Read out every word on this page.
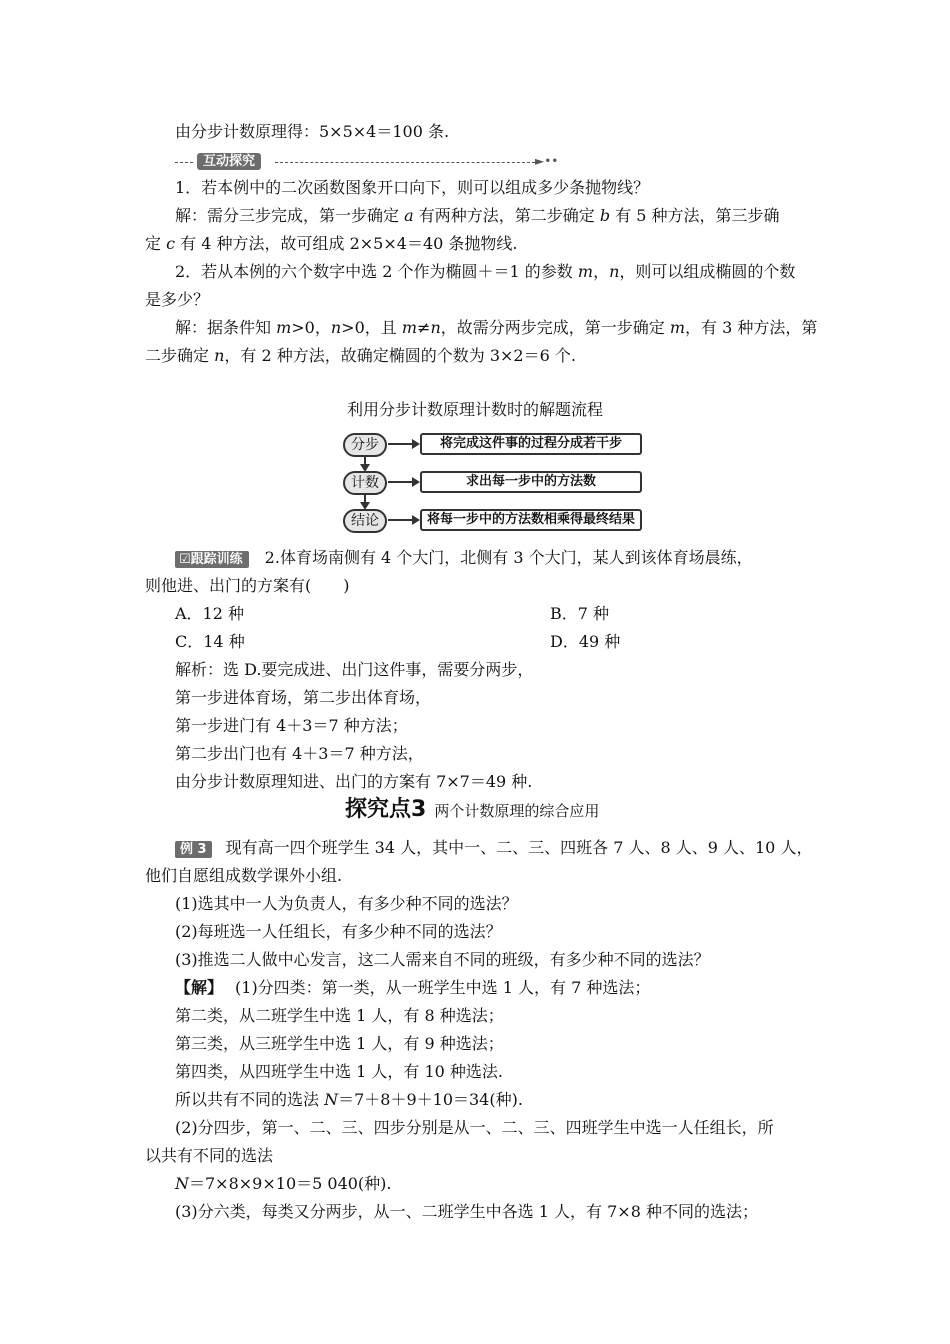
由分步计数原理得：5×5×4＝100 条.
互动探究	►••
1．若本例中的二次函数图象开口向下，则可以组成多少条抛物线？
解：需分三步完成，第一步确定 a 有两种方法，第二步确定 b 有 5 种方法，第三步确
定 c 有 4 种方法，故可组成 2×5×4＝40 条抛物线.
2．若从本例的六个数字中选 2 个作为椭圆＋＝1 的参数 m，n，则可以组成椭圆的个数
是多少？
解：据条件知 m>0，n>0，且 m≠n，故需分两步完成，第一步确定 m，有 3 种方法，第
二步确定 n，有 2 种方法，故确定椭圆的个数为 3×2＝6 个.
利用分步计数原理计数时的解题流程
分步	将完成这件事的过程分成若干步
计数	求出每一步中的方法数
结论	将每一步中的方法数相乘得最终结果
☑跟踪训练 2.体育场南侧有 4 个大门，北侧有 3 个大门，某人到该体育场晨练，
则他进、出门的方案有(　　)
A．12 种	B．7 种
C．14 种	D．49 种
解析：选 D.要完成进、出门这件事，需要分两步，
第一步进体育场，第二步出体育场，
第一步进门有 4＋3＝7 种方法；
第二步出门也有 4＋3＝7 种方法，
由分步计数原理知进、出门的方案有 7×7＝49 种.
探究点3 两个计数原理的综合应用
例 3 现有高一四个班学生 34 人，其中一、二、三、四班各 7 人、8 人、9 人、10 人，
他们自愿组成数学课外小组.
(1)选其中一人为负责人，有多少种不同的选法？
(2)每班选一人任组长，有多少种不同的选法？
(3)推选二人做中心发言，这二人需来自不同的班级，有多少种不同的选法？
【解】 (1)分四类：第一类，从一班学生中选 1 人，有 7 种选法；
第二类，从二班学生中选 1 人，有 8 种选法；
第三类，从三班学生中选 1 人，有 9 种选法；
第四类，从四班学生中选 1 人，有 10 种选法.
所以共有不同的选法 N＝7＋8＋9＋10＝34(种).
(2)分四步，第一、二、三、四步分别是从一、二、三、四班学生中选一人任组长，所
以共有不同的选法
N＝7×8×9×10＝5 040(种).
(3)分六类，每类又分两步，从一、二班学生中各选 1 人，有 7×8 种不同的选法；
